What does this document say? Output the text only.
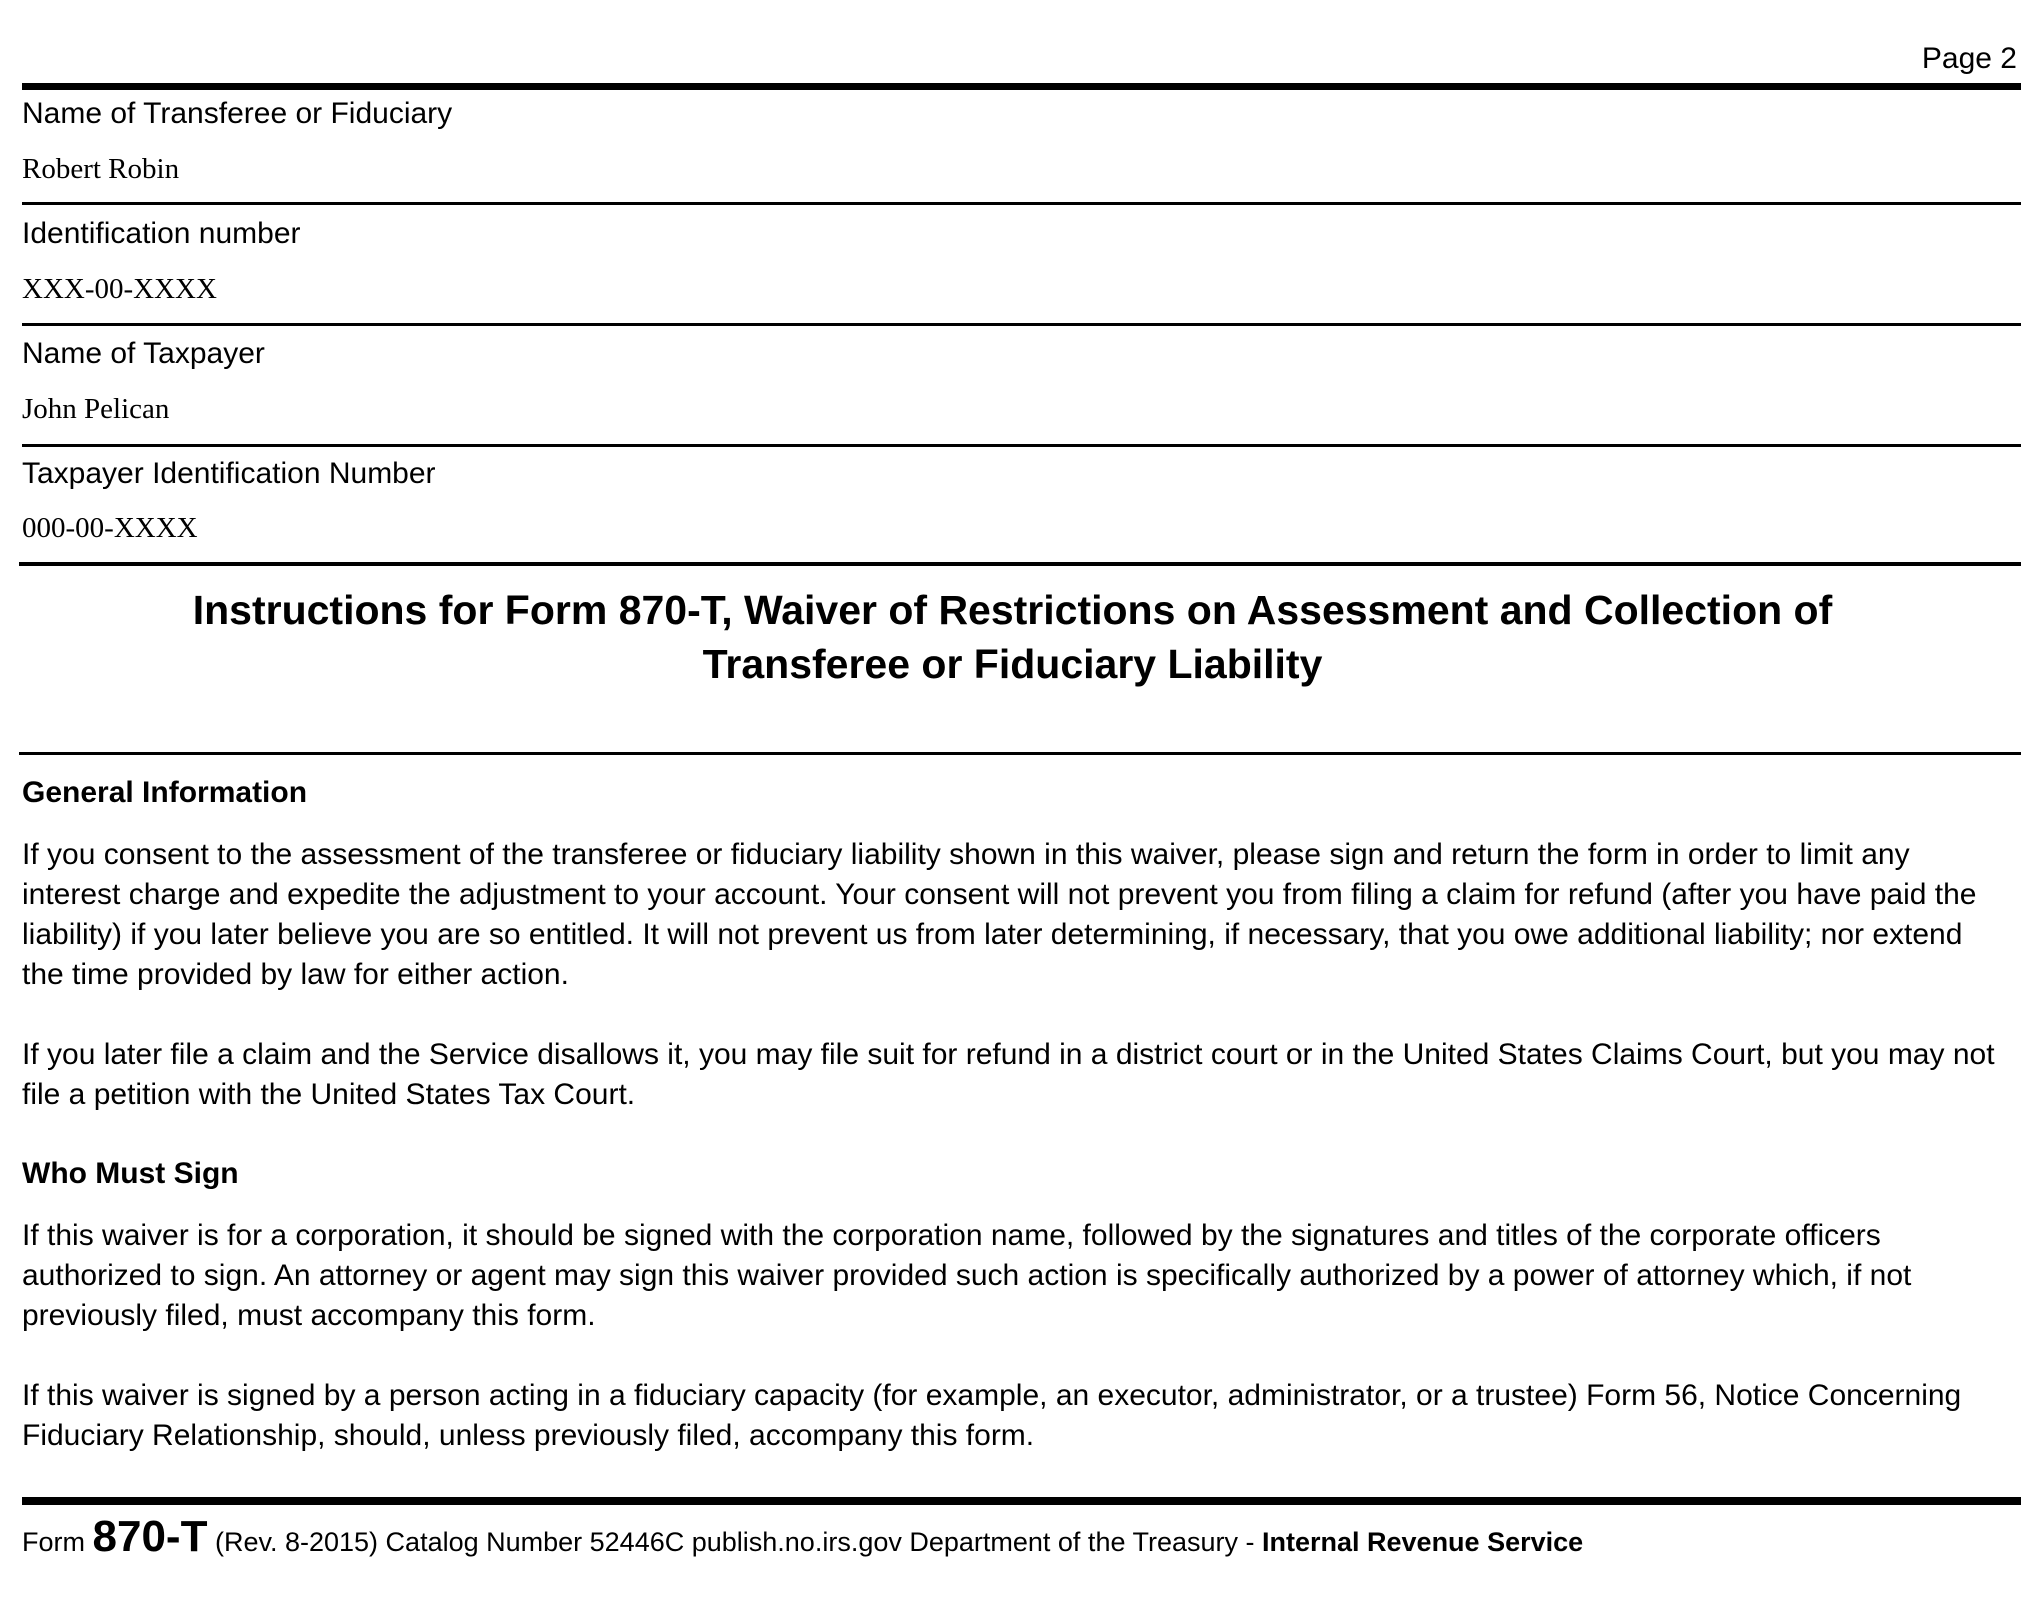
Page 2
Name of Transferee or Fiduciary
Robert Robin
Identification number
XXX-00-XXXX
Name of Taxpayer
John Pelican
Taxpayer Identification Number
000-00-XXXX
Instructions for Form 870-T, Waiver of Restrictions on Assessment and Collection of
Transferee or Fiduciary Liability
General Information
If you consent to the assessment of the transferee or fiduciary liability shown in this waiver, please sign and return the form in order to limit any interest charge and expedite the adjustment to your account. Your consent will not prevent you from filing a claim for refund (after you have paid the liability) if you later believe you are so entitled. It will not prevent us from later determining, if necessary, that you owe additional liability; nor extend the time provided by law for either action.
If you later file a claim and the Service disallows it, you may file suit for refund in a district court or in the United States Claims Court, but you may not file a petition with the United States Tax Court.
Who Must Sign
If this waiver is for a corporation, it should be signed with the corporation name, followed by the signatures and titles of the corporate officers authorized to sign. An attorney or agent may sign this waiver provided such action is specifically authorized by a power of attorney which, if not previously filed, must accompany this form.
If this waiver is signed by a person acting in a fiduciary capacity (for example, an executor, administrator, or a trustee) Form 56, Notice Concerning Fiduciary Relationship, should, unless previously filed, accompany this form.
Form 870-T (Rev. 8-2015) Catalog Number 52446C publish.no.irs.gov Department of the Treasury - Internal Revenue Service
